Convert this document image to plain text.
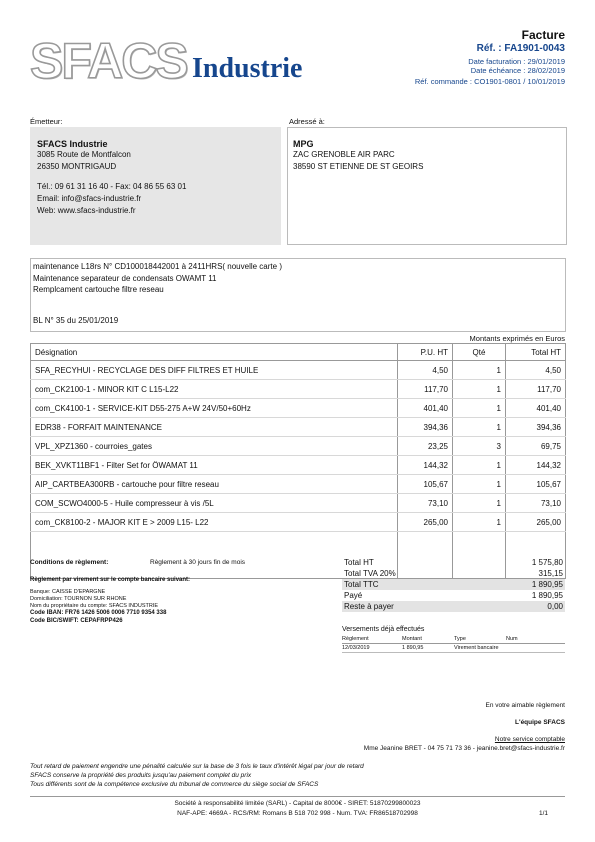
SFACS Industrie
Facture
Réf. : FA1901-0043
Date facturation : 29/01/2019
Date échéance : 28/02/2019
Réf. commande : CO1901-0801 / 10/01/2019
Émetteur:	Adressé à:
SFACS Industrie
3085 Route de Montfalcon
26350 MONTRIGAUD
Tél.: 09 61 31 16 40 - Fax: 04 86 55 63 01
Email: info@sfacs-industrie.fr
Web: www.sfacs-industrie.fr
MPG
ZAC GRENOBLE AIR PARC
38590 ST ETIENNE DE ST GEOIRS
maintenance L18rs N° CD100018442001 à 2411HRS( nouvelle carte )
Maintenance separateur de condensats OWAMT 11
Remplcament cartouche filtre reseau
BL N° 35 du 25/01/2019
Montants exprimés en Euros
Désignation	P.U. HT	Qté	Total HT
SFA_RECYHUI - RECYCLAGE DES DIFF FILTRES ET HUILE	4,50	1	4,50
com_CK2100-1 - MINOR KIT C L15-L22	117,70	1	117,70
com_CK4100-1 - SERVICE-KIT D55-275 A+W 24V/50+60Hz	401,40	1	401,40
EDR38 - FORFAIT MAINTENANCE	394,36	1	394,36
VPL_XPZ1360 - courroies_gates	23,25	3	69,75
BEK_XVKT11BF1 - Filter Set for ÖWAMAT 11	144,32	1	144,32
AIP_CARTBEA300RB - cartouche pour filtre reseau	105,67	1	105,67
COM_SCWO4000-5 - Huile compresseur à vis /5L	73,10	1	73,10
com_CK8100-2 - MAJOR KIT E > 2009 L15- L22	265,00	1	265,00

Conditions de règlement:	Règlement à 30 jours fin de mois
Règlement par virement sur le compte bancaire suivant:
Banque: CAISSE D'EPARGNE
Domiciliation: TOURNON SUR RHONE
Nom du propriétaire du compte: SFACS INDUSTRIE
Code IBAN: FR76 1426 5006 0006 7710 9354 338
Code BIC/SWIFT: CEPAFRPP426
Total HT	1 575,80
Total TVA 20%	315,15
Total TTC	1 890,95
Payé	1 890,95
Reste à payer	0,00
Versements déjà effectués
Règlement	Montant	Type	Num
12/03/2019	1 890,95	Virement bancaire
En votre aimable règlement
L'équipe SFACS
Notre service comptable
Mme Jeanine BRET - 04 75 71 73 36 - jeanine.bret@sfacs-industrie.fr
Tout retard de paiement engendre une pénalité calculée sur la base de 3 fois le taux d'intérêt légal par jour de retard
SFACS conserve la propriété des produits jusqu'au paiement complet du prix
Tous différents sont de la compétence exclusive du tribunal de commerce du siège social de SFACS
Société à responsabilité limitée (SARL) - Capital de 8000€ - SIRET: 51870299800023
NAF-APE: 4669A - RCS/RM: Romans B 518 702 998 - Num. TVA: FR86518702998	1/1
